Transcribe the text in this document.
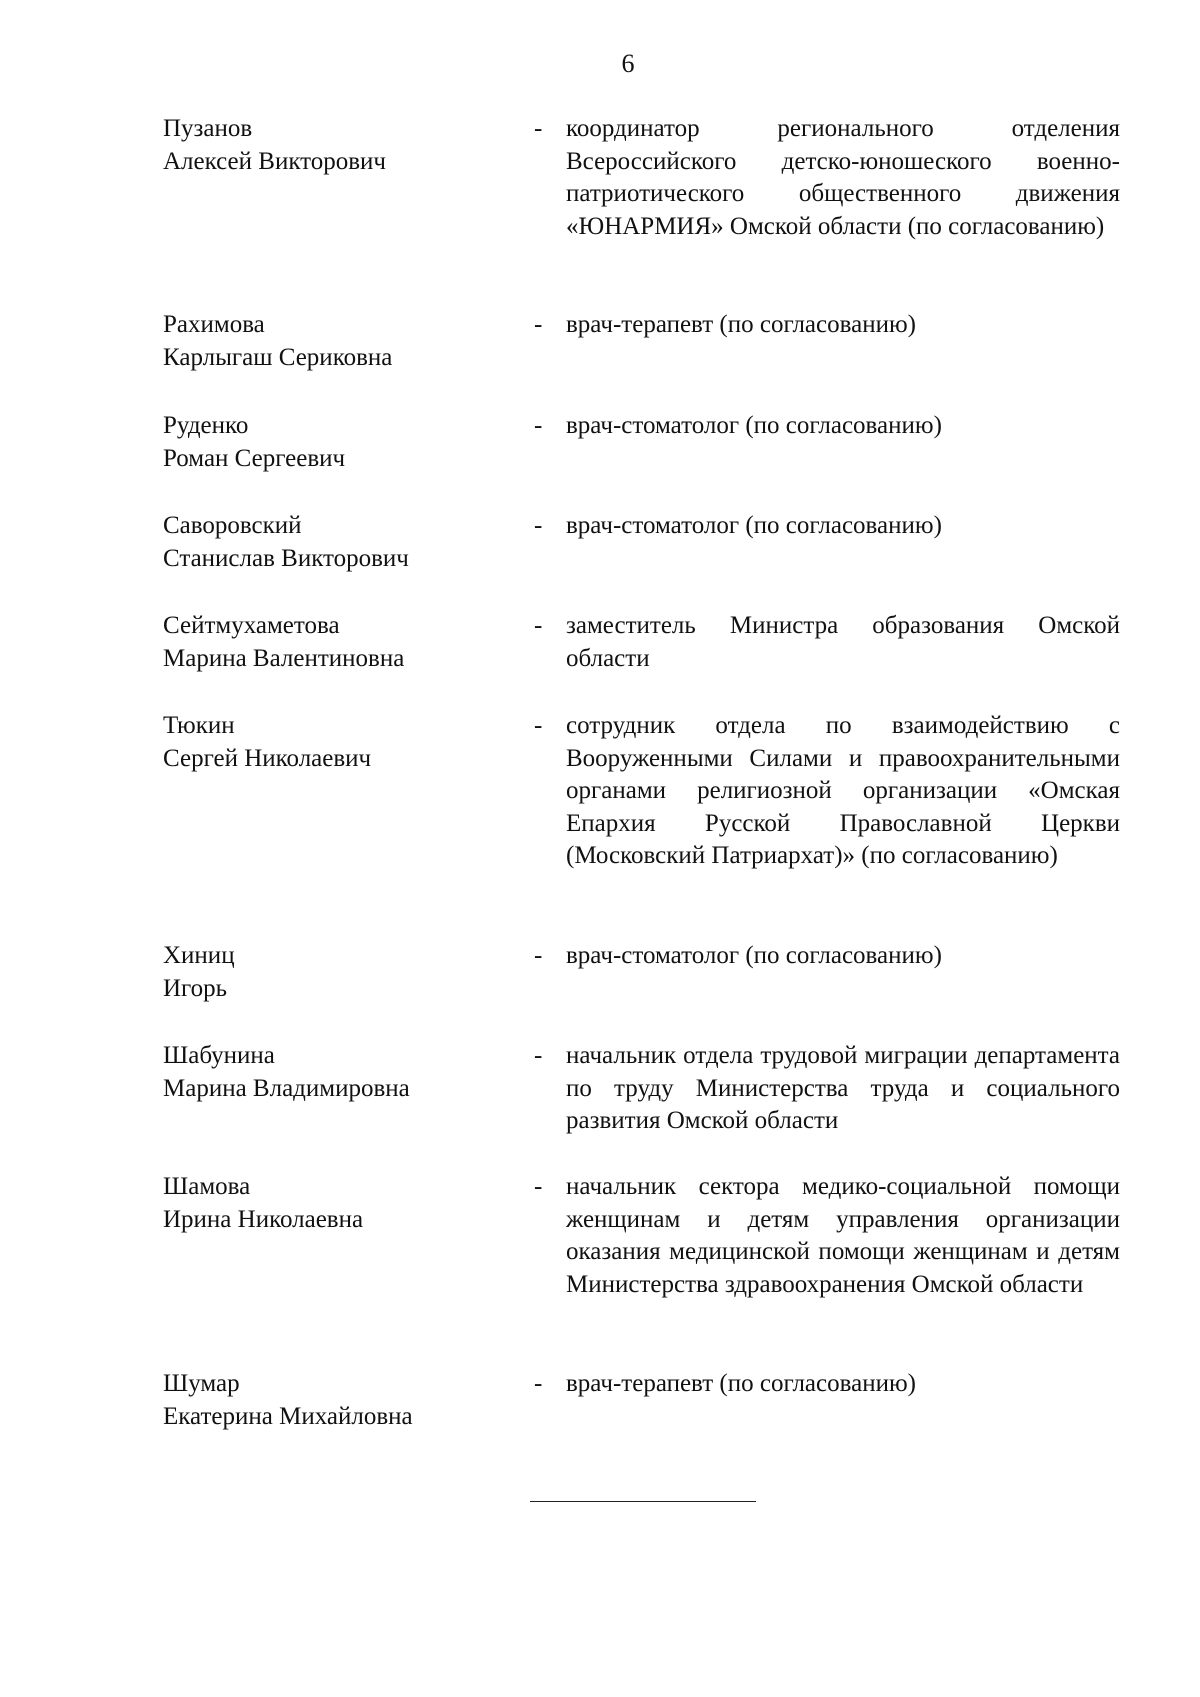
6
Пузанов
Алексей Викторович
- координатор регионального отделения Всероссийского детско-юношеского военно-патриотического общественного движения «ЮНАРМИЯ» Омской области (по согласованию)
Рахимова
Карлыгаш Сериковна
- врач-терапевт (по согласованию)
Руденко
Роман Сергеевич
- врач-стоматолог (по согласованию)
Саворовский
Станислав Викторович
- врач-стоматолог (по согласованию)
Сейтмухаметова
Марина Валентиновна
- заместитель Министра образования Омской области
Тюкин
Сергей Николаевич
- сотрудник отдела по взаимодействию с Вооруженными Силами и правоохранительными органами религиозной организации «Омская Епархия Русской Православной Церкви (Московский Патриархат)» (по согласованию)
Хиниц
Игорь
- врач-стоматолог (по согласованию)
Шабунина
Марина Владимировна
- начальник отдела трудовой миграции департамента по труду Министерства труда и социального развития Омской области
Шамова
Ирина Николаевна
- начальник сектора медико-социальной помощи женщинам и детям управления организации оказания медицинской помощи женщинам и детям Министерства здравоохранения Омской области
Шумар
Екатерина Михайловна
- врач-терапевт (по согласованию)
